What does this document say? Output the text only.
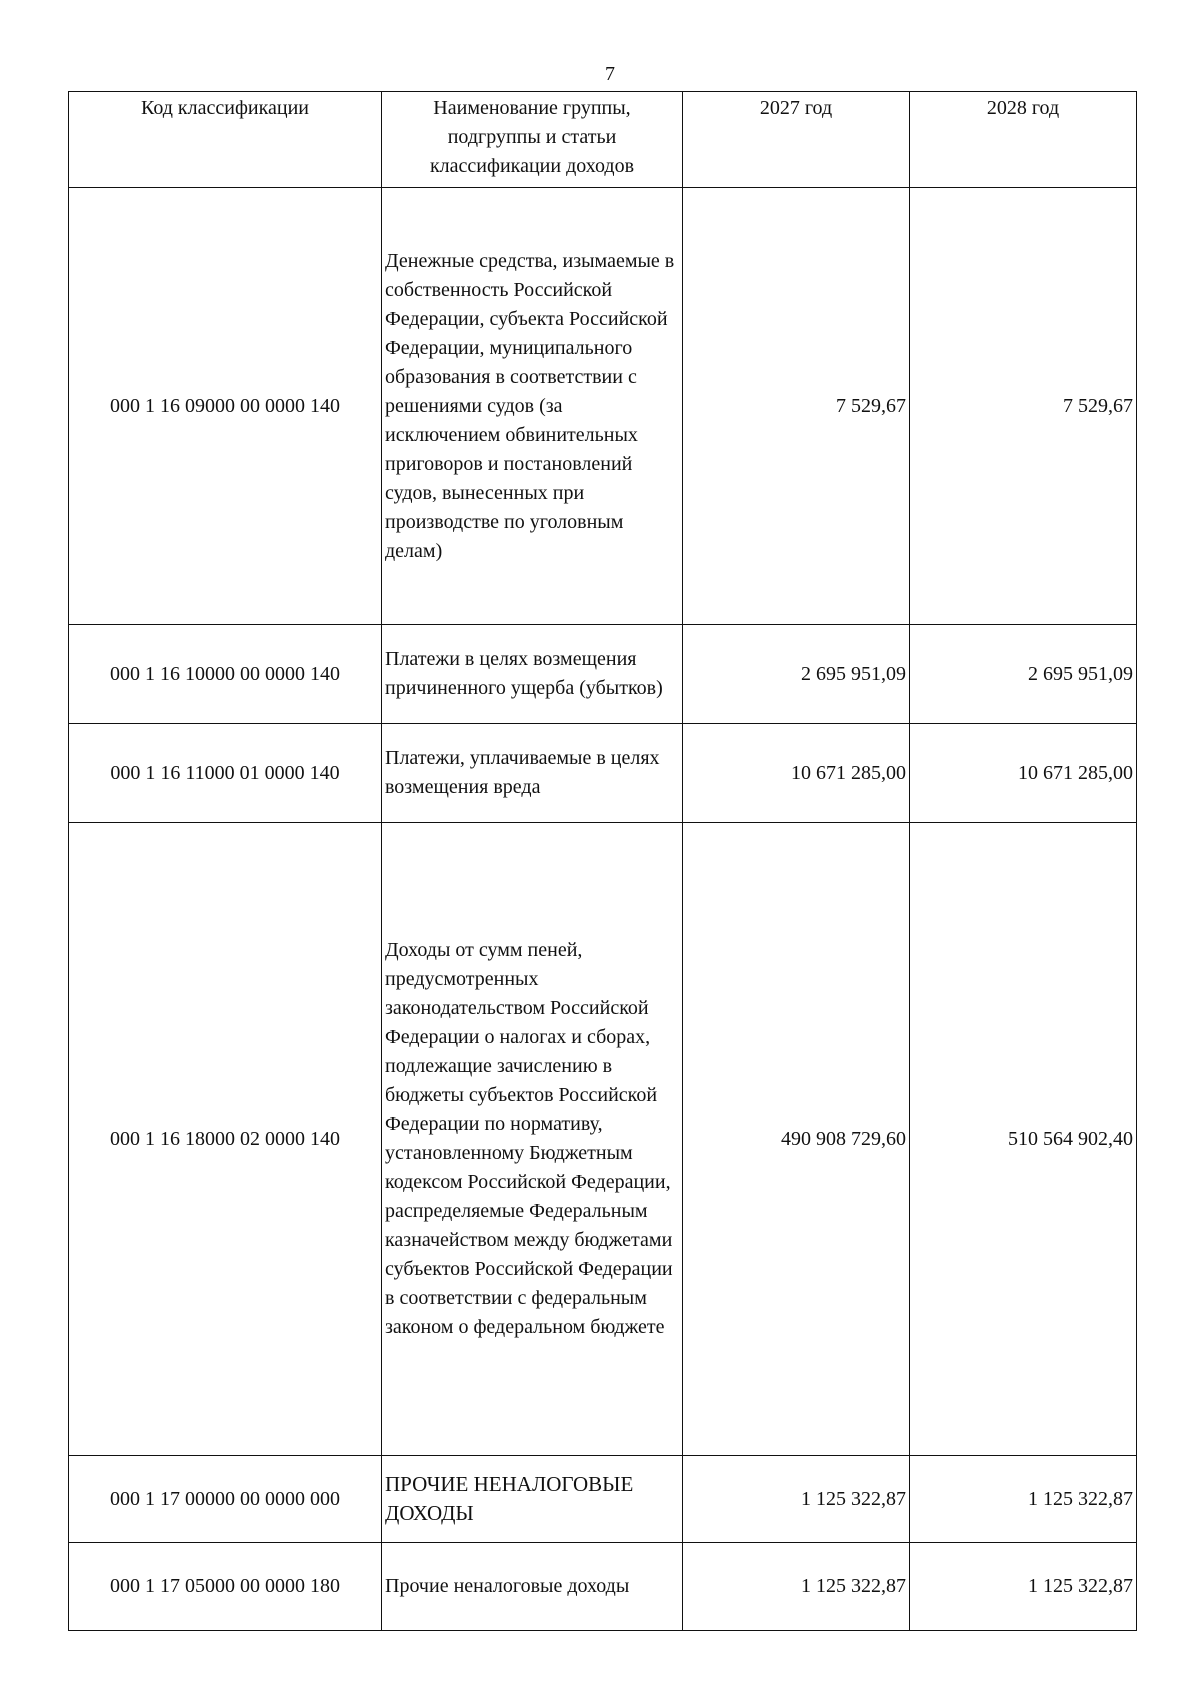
7
Код классификации	Наименование группы, подгруппы и статьи классификации доходов	2027 год	2028 год
000 1 16 09000 00 0000 140	Денежные средства, изымаемые в собственность Российской Федерации, субъекта Российской Федерации, муниципального образования в соответствии с решениями судов (за исключением обвинительных приговоров и постановлений судов, вынесенных при производстве по уголовным делам)	7 529,67	7 529,67
000 1 16 10000 00 0000 140	Платежи в целях возмещения причиненного ущерба (убытков)	2 695 951,09	2 695 951,09
000 1 16 11000 01 0000 140	Платежи, уплачиваемые в целях возмещения вреда	10 671 285,00	10 671 285,00
000 1 16 18000 02 0000 140	Доходы от сумм пеней, предусмотренных законодательством Российской Федерации о налогах и сборах, подлежащие зачислению в бюджеты субъектов Российской Федерации по нормативу, установленному Бюджетным кодексом Российской Федерации, распределяемые Федеральным казначейством между бюджетами субъектов Российской Федерации в соответствии с федеральным законом о федеральном бюджете	490 908 729,60	510 564 902,40
000 1 17 00000 00 0000 000	ПРОЧИЕ НЕНАЛОГОВЫЕ ДОХОДЫ	1 125 322,87	1 125 322,87
000 1 17 05000 00 0000 180	Прочие неналоговые доходы	1 125 322,87	1 125 322,87
